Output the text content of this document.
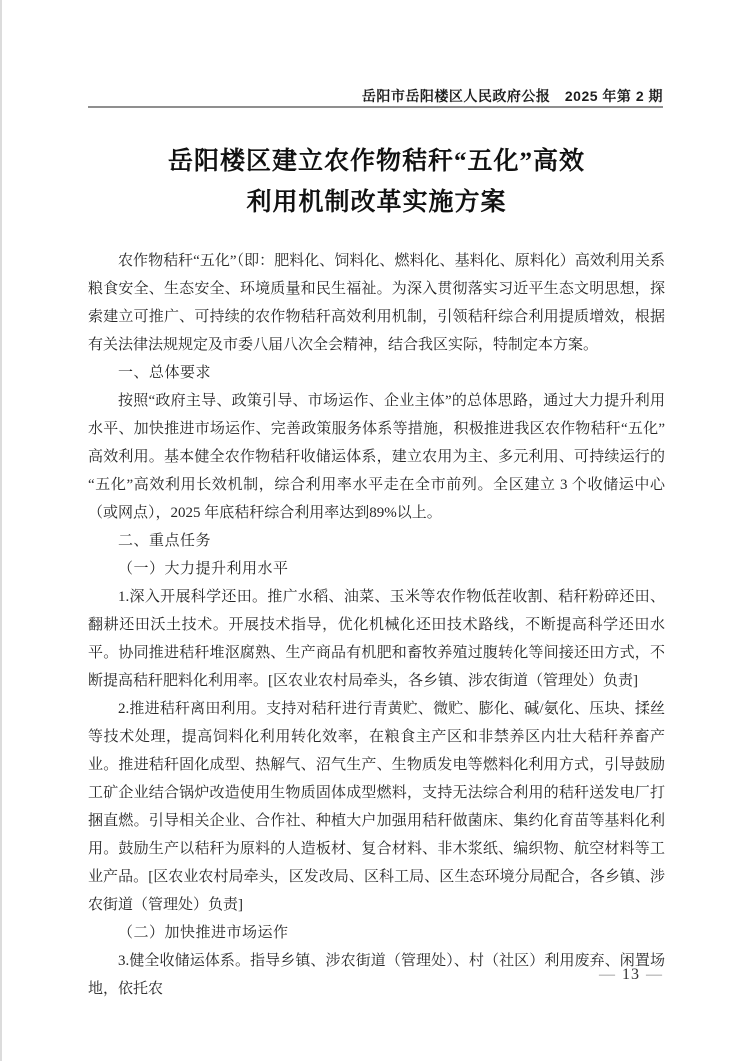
岳阳市岳阳楼区人民政府公报　2025 年第 2 期
岳阳楼区建立农作物秸秆“五化”高效
利用机制改革实施方案

农作物秸秆“五化”（即：肥料化、饲料化、燃料化、基料化、原料化）高效利用关系粮食安全、生态安全、环境质量和民生福祉。为深入贯彻落实习近平生态文明思想，探索建立可推广、可持续的农作物秸秆高效利用机制，引领秸秆综合利用提质增效，根据有关法律法规规定及市委八届八次全会精神，结合我区实际，特制定本方案。

一、总体要求

按照“政府主导、政策引导、市场运作、企业主体”的总体思路，通过大力提升利用水平、加快推进市场运作、完善政策服务体系等措施，积极推进我区农作物秸秆“五化”高效利用。基本健全农作物秸秆收储运体系，建立农用为主、多元利用、可持续运行的“五化”高效利用长效机制，综合利用率水平走在全市前列。全区建立 3 个收储运中心（或网点），2025 年底秸秆综合利用率达到89%以上。

二、重点任务

（一）大力提升利用水平

1.深入开展科学还田。推广水稻、油菜、玉米等农作物低茬收割、秸秆粉碎还田、翻耕还田沃土技术。开展技术指导，优化机械化还田技术路线，不断提高科学还田水平。协同推进秸秆堆沤腐熟、生产商品有机肥和畜牧养殖过腹转化等间接还田方式，不断提高秸秆肥料化利用率。[区农业农村局牵头，各乡镇、涉农街道（管理处）负责]

2.推进秸秆离田利用。支持对秸秆进行青黄贮、微贮、膨化、碱/氨化、压块、揉丝等技术处理，提高饲料化利用转化效率，在粮食主产区和非禁养区内壮大秸秆养畜产业。推进秸秆固化成型、热解气、沼气生产、生物质发电等燃料化利用方式，引导鼓励工矿企业结合锅炉改造使用生物质固体成型燃料，支持无法综合利用的秸秆送发电厂打捆直燃。引导相关企业、合作社、种植大户加强用秸秆做菌床、集约化育苗等基料化利用。鼓励生产以秸秆为原料的人造板材、复合材料、非木浆纸、编织物、航空材料等工业产品。[区农业农村局牵头，区发改局、区科工局、区生态环境分局配合，各乡镇、涉农街道（管理处）负责]

（二）加快推进市场运作

3.健全收储运体系。指导乡镇、涉农街道（管理处）、村（社区）利用废弃、闲置场地，依托农

— 13 —
